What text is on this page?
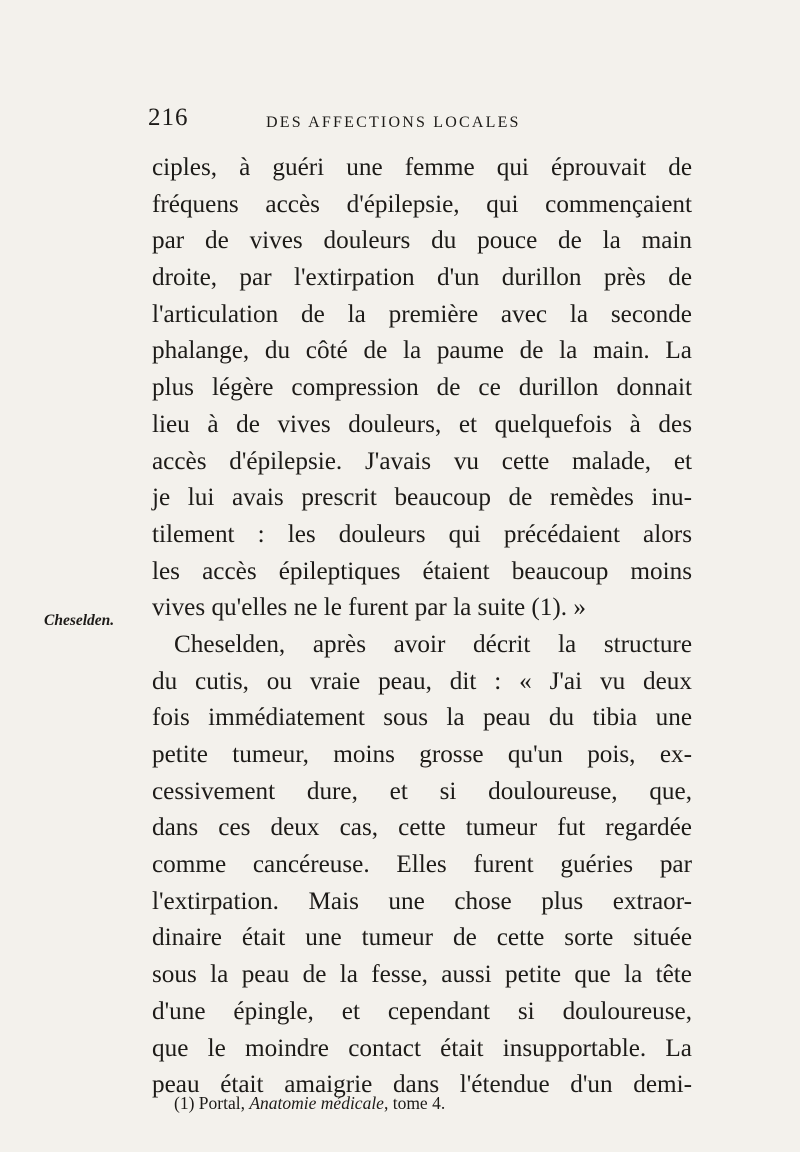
216	DES AFFECTIONS LOCALES
Cheselden.
ciples, à guéri une femme qui éprouvait de
fréquens accès d'épilepsie, qui commençaient
par de vives douleurs du pouce de la main
droite, par l'extirpation d'un durillon près de
l'articulation de la première avec la seconde
phalange, du côté de la paume de la main. La
plus légère compression de ce durillon donnait
lieu à de vives douleurs, et quelquefois à des
accès d'épilepsie. J'avais vu cette malade, et
je lui avais prescrit beaucoup de remèdes inu-
tilement : les douleurs qui précédaient alors
les accès épileptiques étaient beaucoup moins
vives qu'elles ne le furent par la suite (1). »
Cheselden, après avoir décrit la structure
du cutis, ou vraie peau, dit : « J'ai vu deux
fois immédiatement sous la peau du tibia une
petite tumeur, moins grosse qu'un pois, ex-
cessivement dure, et si douloureuse, que,
dans ces deux cas, cette tumeur fut regardée
comme cancéreuse. Elles furent guéries par
l'extirpation. Mais une chose plus extraor-
dinaire était une tumeur de cette sorte située
sous la peau de la fesse, aussi petite que la tête
d'une épingle, et cependant si douloureuse,
que le moindre contact était insupportable. La
peau était amaigrie dans l'étendue d'un demi-
(1) Portal, Anatomie médicale, tome 4.
